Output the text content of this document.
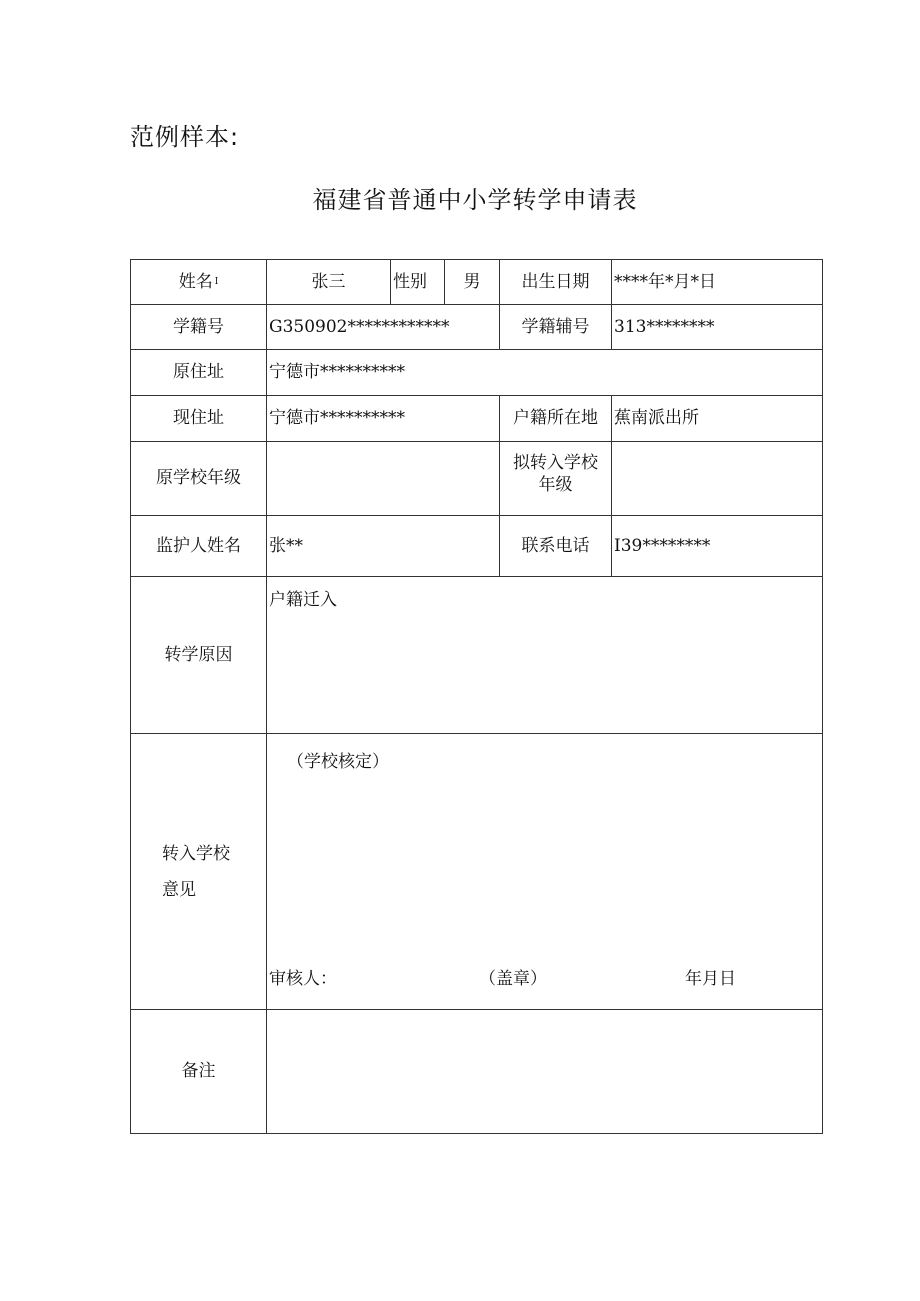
范例样本:
福建省普通中小学转学申请表
姓名 I	张三	性别	男	出生日期	****年*月*日
学籍号	G350902************			学籍辅号	313********
原住址	宁德市**********				
现住址	宁德市**********			户籍所在地	蕉南派出所
原学校年级				拟转入学校
年级	
监护人姓名	张**			联系电话	I39********
转学原因	户籍迁入				

转入学校
意见	（学校核定）
审核人： （盖章） 年月日				

备注					
